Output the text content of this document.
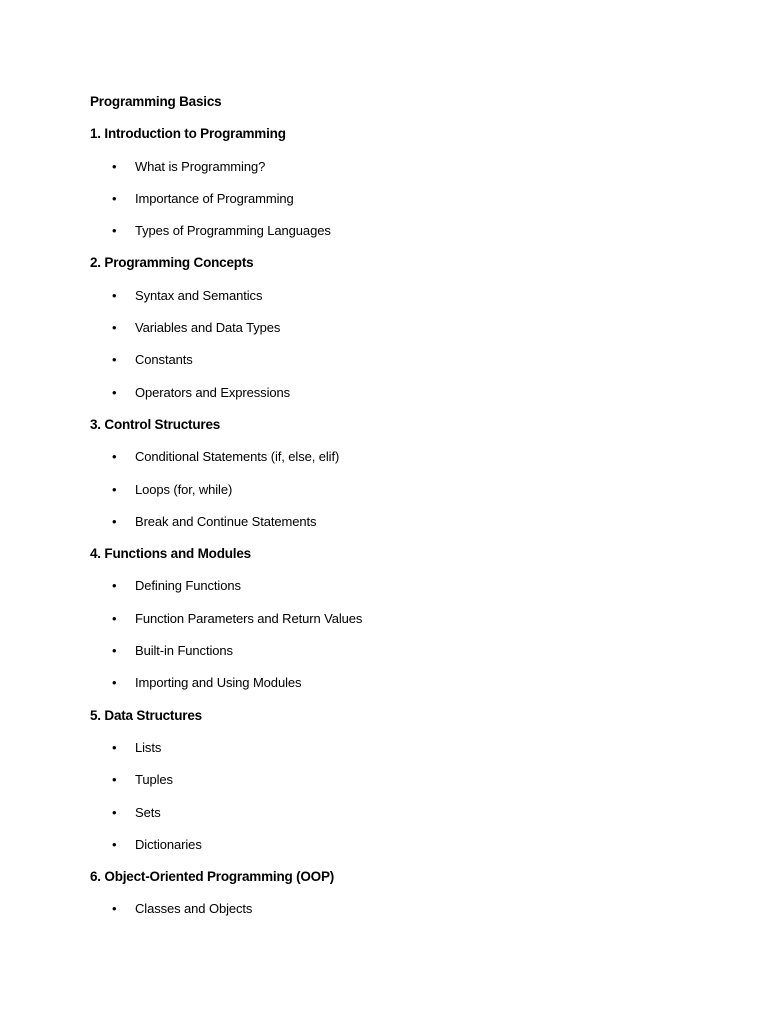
Programming Basics
1. Introduction to Programming
• What is Programming?
• Importance of Programming
• Types of Programming Languages
2. Programming Concepts
• Syntax and Semantics
• Variables and Data Types
• Constants
• Operators and Expressions
3. Control Structures
• Conditional Statements (if, else, elif)
• Loops (for, while)
• Break and Continue Statements
4. Functions and Modules
• Defining Functions
• Function Parameters and Return Values
• Built-in Functions
• Importing and Using Modules
5. Data Structures
• Lists
• Tuples
• Sets
• Dictionaries
6. Object-Oriented Programming (OOP)
• Classes and Objects
